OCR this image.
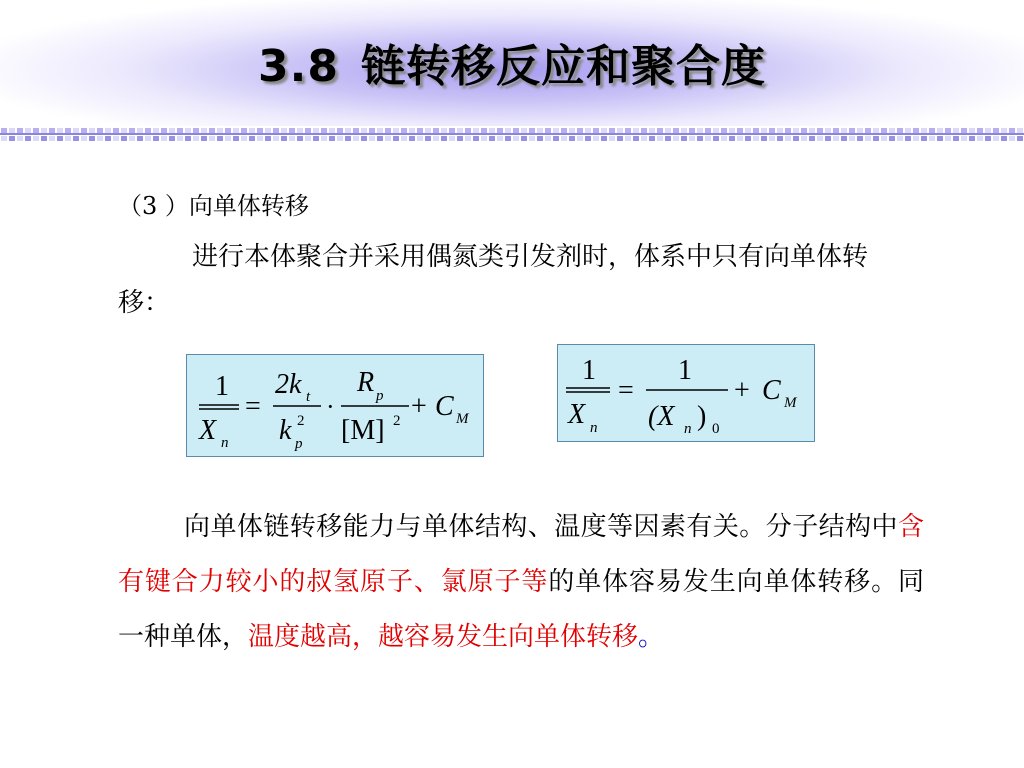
3.8 链转移反应和聚合度
（3 ）向单体转移
进行本体聚合并采用偶氮类引发剂时，体系中只有向单体转移：
1
X n
=
2k t
k p
2 ·
R p
[M] 2 + C M
1
X n
=
1
(X n ) 0
+ C M
向单体链转移能力与单体结构、温度等因素有关。分子结构中含有键合力较小的叔氢原子、氯原子等的单体容易发生向单体转移。同一种单体，温度越高，越容易发生向单体转移。
